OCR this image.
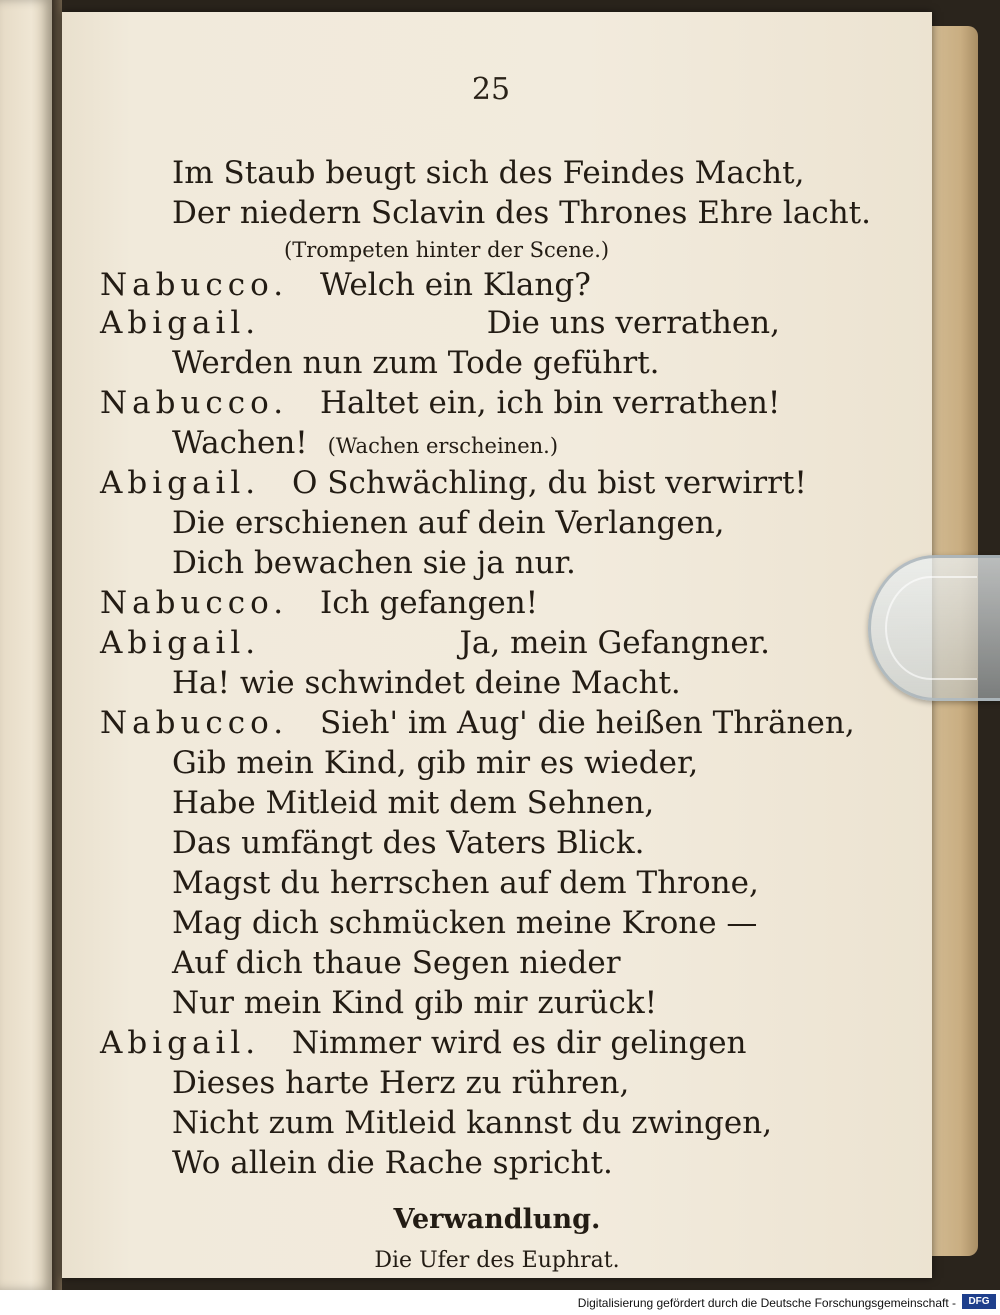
25
Im Staub beugt sich des Feindes Macht,
Der niedern Sclavin des Thrones Ehre lacht.
(Trompeten hinter der Scene.)
Nabucco. Welch ein Klang?
Abigail.	Die uns verrathen,
Werden nun zum Tode geführt.
Nabucco. Haltet ein, ich bin verrathen!
Wachen! (Wachen erscheinen.)
Abigail. O Schwächling, du bist verwirrt!
Die erschienen auf dein Verlangen,
Dich bewachen sie ja nur.
Nabucco. Ich gefangen!
Abigail.	Ja, mein Gefangner.
Ha! wie schwindet deine Macht.
Nabucco. Sieh' im Aug' die heißen Thränen,
Gib mein Kind, gib mir es wieder,
Habe Mitleid mit dem Sehnen,
Das umfängt des Vaters Blick.
Magst du herrschen auf dem Throne,
Mag dich schmücken meine Krone —
Auf dich thaue Segen nieder
Nur mein Kind gib mir zurück!
Abigail. Nimmer wird es dir gelingen
Dieses harte Herz zu rühren,
Nicht zum Mitleid kannst du zwingen,
Wo allein die Rache spricht.
Verwandlung.
Die Ufer des Euphrat.
Digitalisierung gefördert durch die Deutsche Forschungsgemeinschaft -	DFG
